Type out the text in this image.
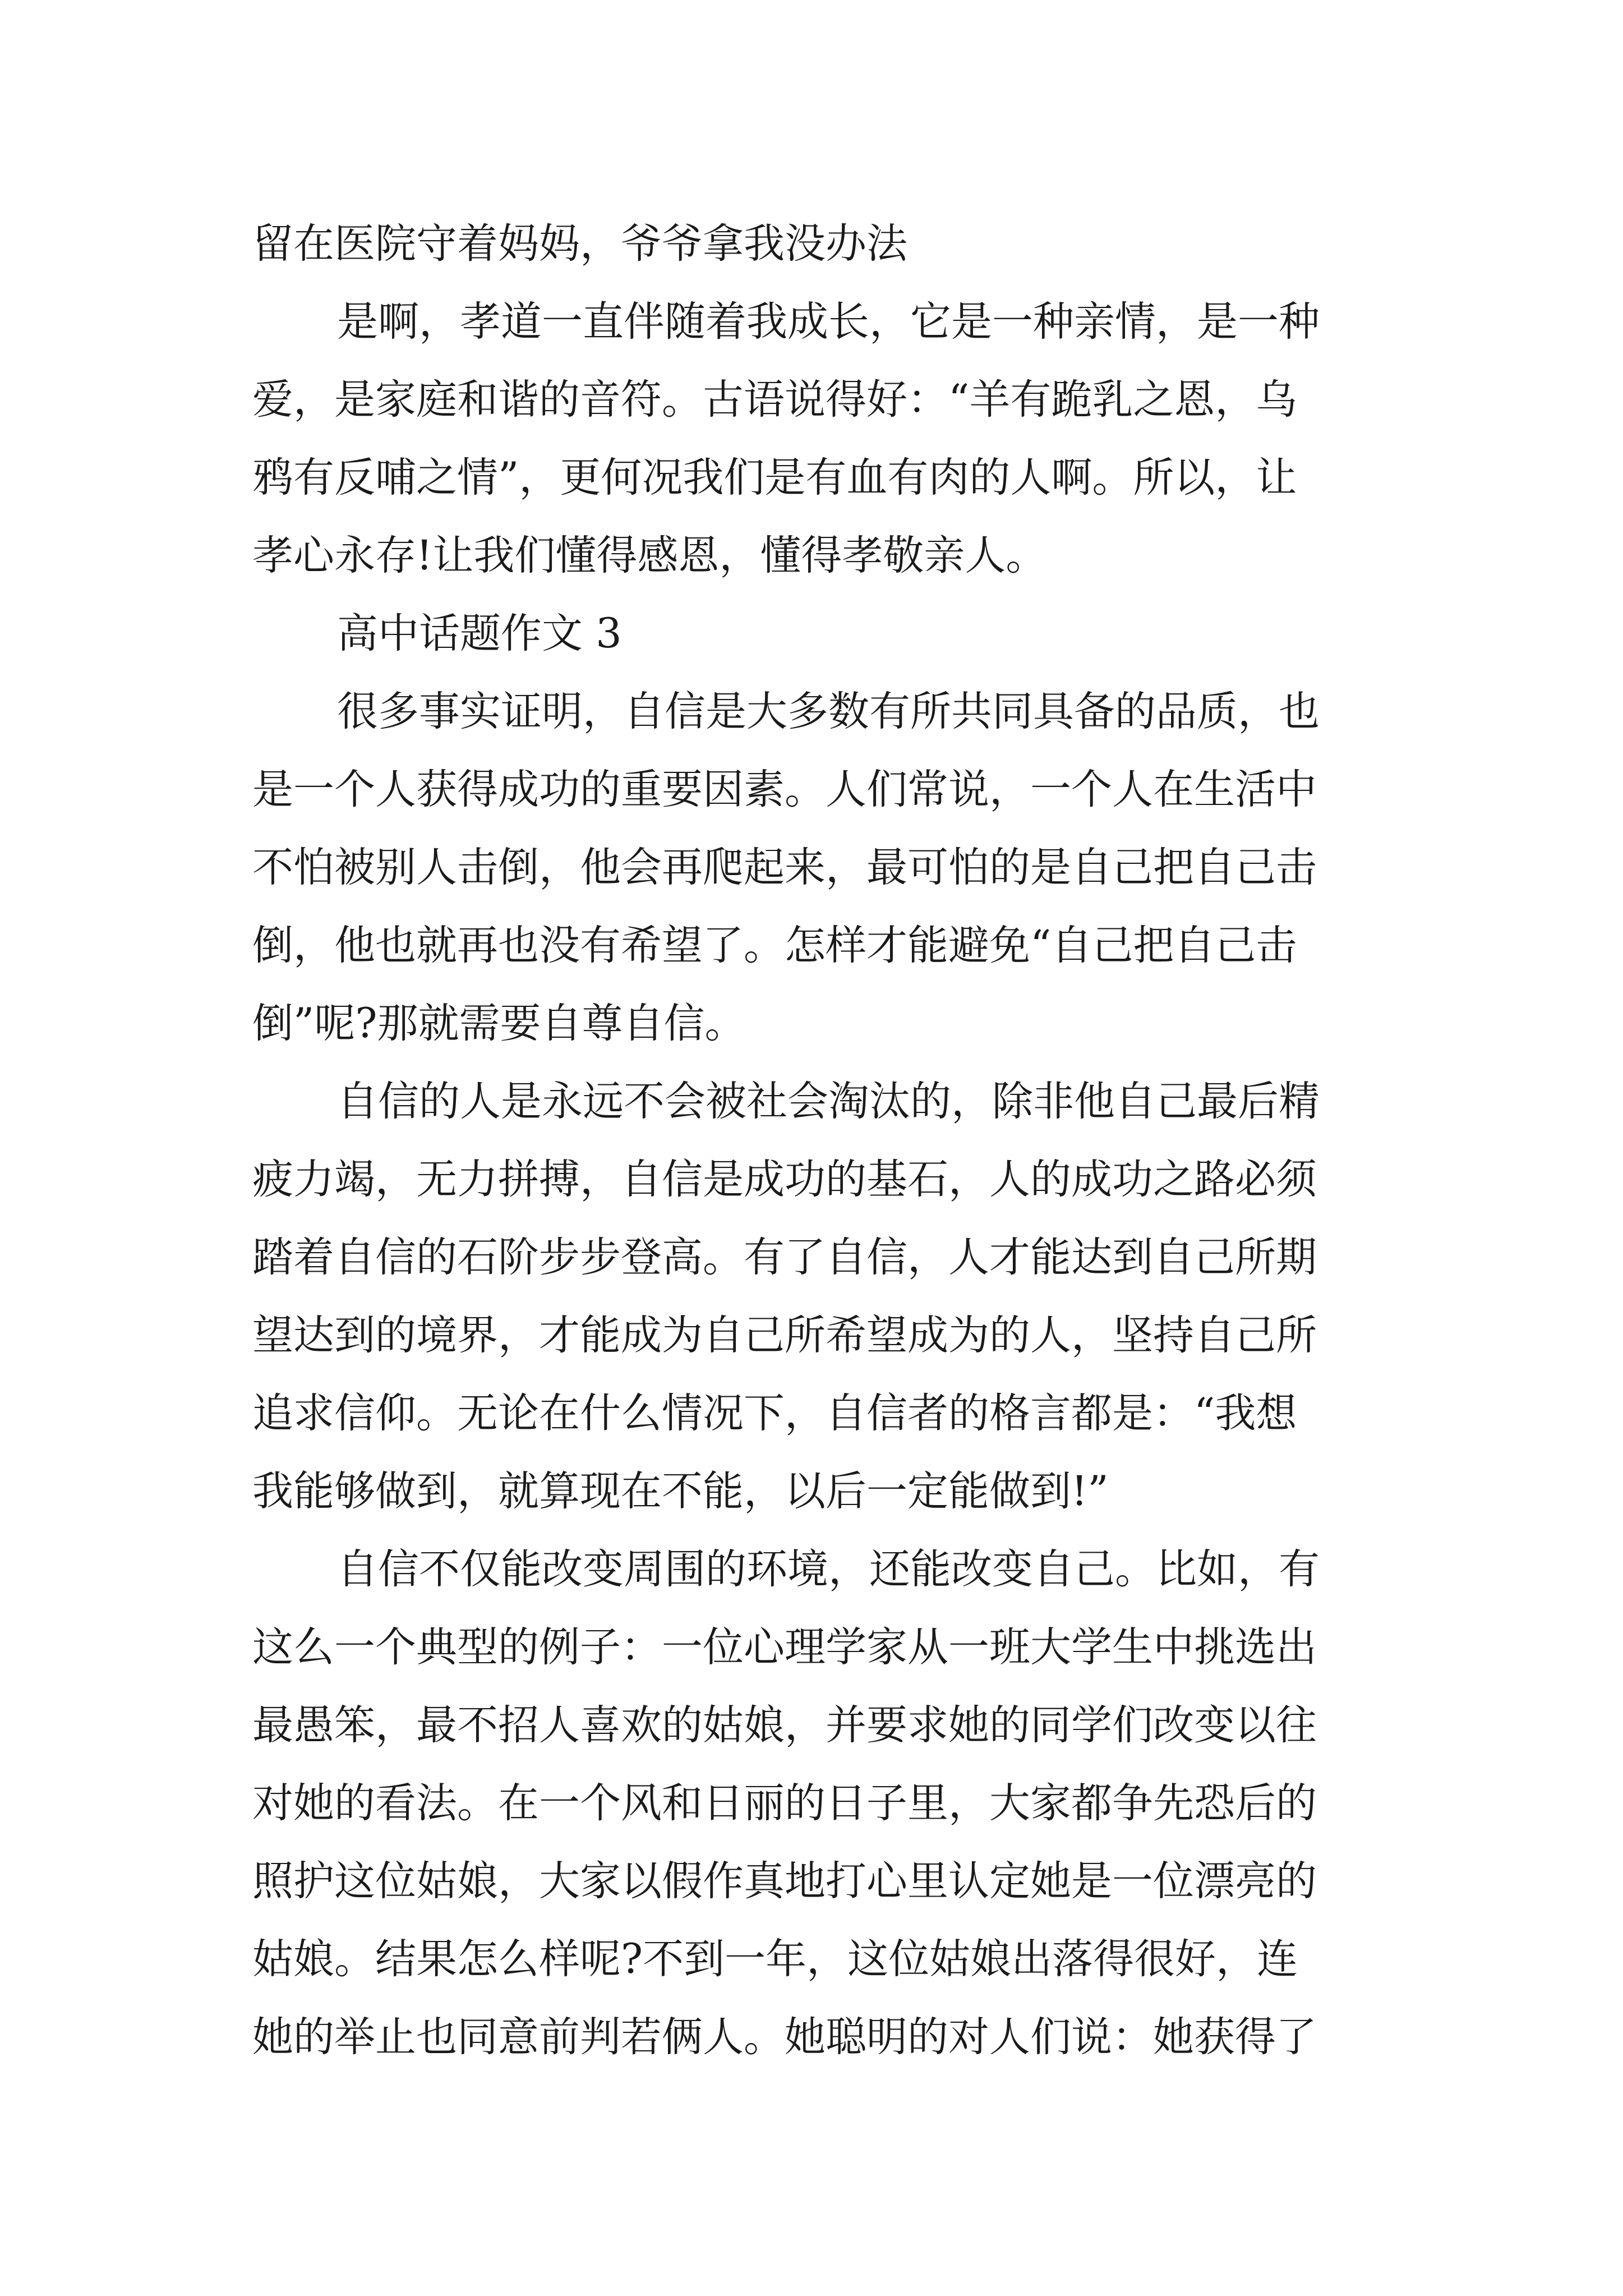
留在医院守着妈妈，爷爷拿我没办法
是啊，孝道一直伴随着我成长，它是一种亲情，是一种
爱，是家庭和谐的音符。古语说得好：“羊有跪乳之恩，乌
鸦有反哺之情”，更何况我们是有血有肉的人啊。所以，让
孝心永存!让我们懂得感恩，懂得孝敬亲人。
高中话题作文 3
很多事实证明，自信是大多数有所共同具备的品质，也
是一个人获得成功的重要因素。人们常说，一个人在生活中
不怕被别人击倒，他会再爬起来，最可怕的是自己把自己击
倒，他也就再也没有希望了。怎样才能避免“自己把自己击
倒”呢?那就需要自尊自信。
自信的人是永远不会被社会淘汰的，除非他自己最后精
疲力竭，无力拼搏，自信是成功的基石，人的成功之路必须
踏着自信的石阶步步登高。有了自信，人才能达到自己所期
望达到的境界，才能成为自己所希望成为的人，坚持自己所
追求信仰。无论在什么情况下，自信者的格言都是：“我想
我能够做到，就算现在不能，以后一定能做到!”
自信不仅能改变周围的环境，还能改变自己。比如，有
这么一个典型的例子：一位心理学家从一班大学生中挑选出
最愚笨，最不招人喜欢的姑娘，并要求她的同学们改变以往
对她的看法。在一个风和日丽的日子里，大家都争先恐后的
照护这位姑娘，大家以假作真地打心里认定她是一位漂亮的
姑娘。结果怎么样呢?不到一年，这位姑娘出落得很好，连
她的举止也同意前判若俩人。她聪明的对人们说：她获得了
